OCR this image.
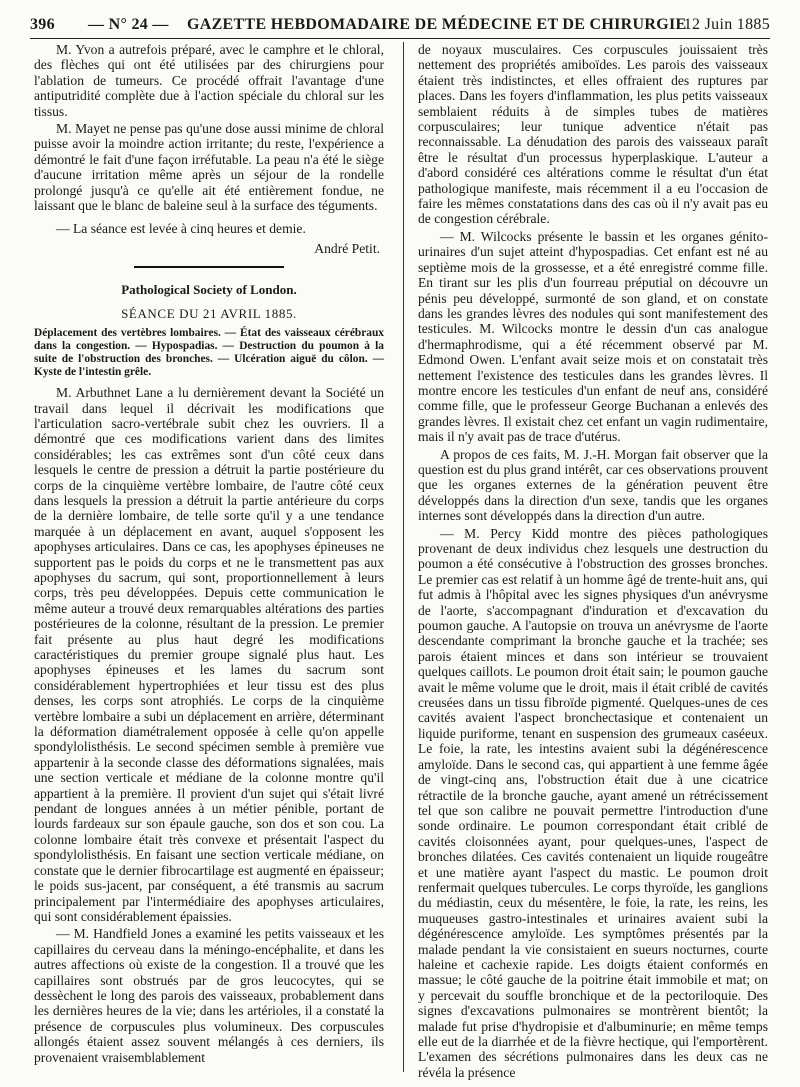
396 — N° 24 — GAZETTE HEBDOMADAIRE DE MÉDECINE ET DE CHIRURGIE
12 Juin 1885

M. Yvon a autrefois préparé, avec le camphre et le chloral, des flèches qui ont été utilisées par des chirurgiens pour l'ablation de tumeurs. Ce procédé offrait l'avantage d'une antiputridité complète due à l'action spéciale du chloral sur les tissus.

M. Mayet ne pense pas qu'une dose aussi minime de chloral puisse avoir la moindre action irritante; du reste, l'expérience a démontré le fait d'une façon irréfutable. La peau n'a été le siège d'aucune irritation même après un séjour de la rondelle prolongé jusqu'à ce qu'elle ait été entièrement fondue, ne laissant que le blanc de baleine seul à la surface des téguments.

— La séance est levée à cinq heures et demie.

André Petit.
Pathological Society of London.
SÉANCE DU 21 AVRIL 1885.
Déplacement des vertèbres lombaires. — État des vaisseaux cérébraux dans la congestion. — Hypospadias. — Destruction du poumon à la suite de l'obstruction des bronches. — Ulcération aiguë du côlon. — Kyste de l'intestin grêle.

M. Arbuthnet Lane a lu dernièrement devant la Société un travail dans lequel il décrivait les modifications que l'articulation sacro-vertébrale subit chez les ouvriers. Il a démontré que ces modifications varient dans des limites considérables; les cas extrêmes sont d'un côté ceux dans lesquels le centre de pression a détruit la partie postérieure du corps de la cinquième vertèbre lombaire, de l'autre côté ceux dans lesquels la pression a détruit la partie antérieure du corps de la dernière lombaire, de telle sorte qu'il y a une tendance marquée à un déplacement en avant, auquel s'opposent les apophyses articulaires. Dans ce cas, les apophyses épineuses ne supportent pas le poids du corps et ne le transmettent pas aux apophyses du sacrum, qui sont, proportionnellement à leurs corps, très peu développées. Depuis cette communication le même auteur a trouvé deux remarquables altérations des parties postérieures de la colonne, résultant de la pression. Le premier fait présente au plus haut degré les modifications caractéristiques du premier groupe signalé plus haut. Les apophyses épineuses et les lames du sacrum sont considérablement hypertrophiées et leur tissu est des plus denses, les corps sont atrophiés. Le corps de la cinquième vertèbre lombaire a subi un déplacement en arrière, déterminant la déformation diamétralement opposée à celle qu'on appelle spondylolisthésis. Le second spécimen semble à première vue appartenir à la seconde classe des déformations signalées, mais une section verticale et médiane de la colonne montre qu'il appartient à la première. Il provient d'un sujet qui s'était livré pendant de longues années à un métier pénible, portant de lourds fardeaux sur son épaule gauche, son dos et son cou. La colonne lombaire était très convexe et présentait l'aspect du spondylolisthésis. En faisant une section verticale médiane, on constate que le dernier fibrocartilage est augmenté en épaisseur; le poids sus-jacent, par conséquent, a été transmis au sacrum principalement par l'intermédiaire des apophyses articulaires, qui sont considérablement épaissies.

— M. Handfield Jones a examiné les petits vaisseaux et les capillaires du cerveau dans la méningo-encéphalite, et dans les autres affections où existe de la congestion. Il a trouvé que les capillaires sont obstrués par de gros leucocytes, qui se dessèchent le long des parois des vaisseaux, probablement dans les dernières heures de la vie; dans les artérioles, il a constaté la présence de corpuscules plus volumineux. Des corpuscules allongés étaient assez souvent mélangés à ces derniers, ils provenaient vraisemblablement

de noyaux musculaires. Ces corpuscules jouissaient très nettement des propriétés amiboïdes. Les parois des vaisseaux étaient très indistinctes, et elles offraient des ruptures par places. Dans les foyers d'inflammation, les plus petits vaisseaux semblaient réduits à de simples tubes de matières corpusculaires; leur tunique adventice n'était pas reconnaissable. La dénudation des parois des vaisseaux paraît être le résultat d'un processus hyperplaskique. L'auteur a d'abord considéré ces altérations comme le résultat d'un état pathologique manifeste, mais récemment il a eu l'occasion de faire les mêmes constatations dans des cas où il n'y avait pas eu de congestion cérébrale.

— M. Wilcocks présente le bassin et les organes génito-urinaires d'un sujet atteint d'hypospadias. Cet enfant est né au septième mois de la grossesse, et a été enregistré comme fille. En tirant sur les plis d'un fourreau préputial on découvre un pénis peu développé, surmonté de son gland, et on constate dans les grandes lèvres des nodules qui sont manifestement des testicules. M. Wilcocks montre le dessin d'un cas analogue d'hermaphrodisme, qui a été récemment observé par M. Edmond Owen. L'enfant avait seize mois et on constatait très nettement l'existence des testicules dans les grandes lèvres. Il montre encore les testicules d'un enfant de neuf ans, considéré comme fille, que le professeur George Buchanan a enlevés des grandes lèvres. Il existait chez cet enfant un vagin rudimentaire, mais il n'y avait pas de trace d'utérus.

A propos de ces faits, M. J.-H. Morgan fait observer que la question est du plus grand intérêt, car ces observations prouvent que les organes externes de la génération peuvent être développés dans la direction d'un sexe, tandis que les organes internes sont développés dans la direction d'un autre.

— M. Percy Kidd montre des pièces pathologiques provenant de deux individus chez lesquels une destruction du poumon a été consécutive à l'obstruction des grosses bronches. Le premier cas est relatif à un homme âgé de trente-huit ans, qui fut admis à l'hôpital avec les signes physiques d'un anévrysme de l'aorte, s'accompagnant d'induration et d'excavation du poumon gauche. A l'autopsie on trouva un anévrysme de l'aorte descendante comprimant la bronche gauche et la trachée; ses parois étaient minces et dans son intérieur se trouvaient quelques caillots. Le poumon droit était sain; le poumon gauche avait le même volume que le droit, mais il était criblé de cavités creusées dans un tissu fibroïde pigmenté. Quelques-unes de ces cavités avaient l'aspect bronchectasique et contenaient un liquide puriforme, tenant en suspension des grumeaux caséeux. Le foie, la rate, les intestins avaient subi la dégénérescence amyloïde. Dans le second cas, qui appartient à une femme âgée de vingt-cinq ans, l'obstruction était due à une cicatrice rétractile de la bronche gauche, ayant amené un rétrécissement tel que son calibre ne pouvait permettre l'introduction d'une sonde ordinaire. Le poumon correspondant était criblé de cavités cloisonnées ayant, pour quelques-unes, l'aspect de bronches dilatées. Ces cavités contenaient un liquide rougeâtre et une matière ayant l'aspect du mastic. Le poumon droit renfermait quelques tubercules. Le corps thyroïde, les ganglions du médiastin, ceux du mésentère, le foie, la rate, les reins, les muqueuses gastro-intestinales et urinaires avaient subi la dégénérescence amyloïde. Les symptômes présentés par la malade pendant la vie consistaient en sueurs nocturnes, courte haleine et cachexie rapide. Les doigts étaient conformés en massue; le côté gauche de la poitrine était immobile et mat; on y percevait du souffle bronchique et de la pectoriloquie. Des signes d'excavations pulmonaires se montrèrent bientôt; la malade fut prise d'hydropisie et d'albuminurie; en même temps elle eut de la diarrhée et de la fièvre hectique, qui l'emportèrent. L'examen des sécrétions pulmonaires dans les deux cas ne révéla la présence
